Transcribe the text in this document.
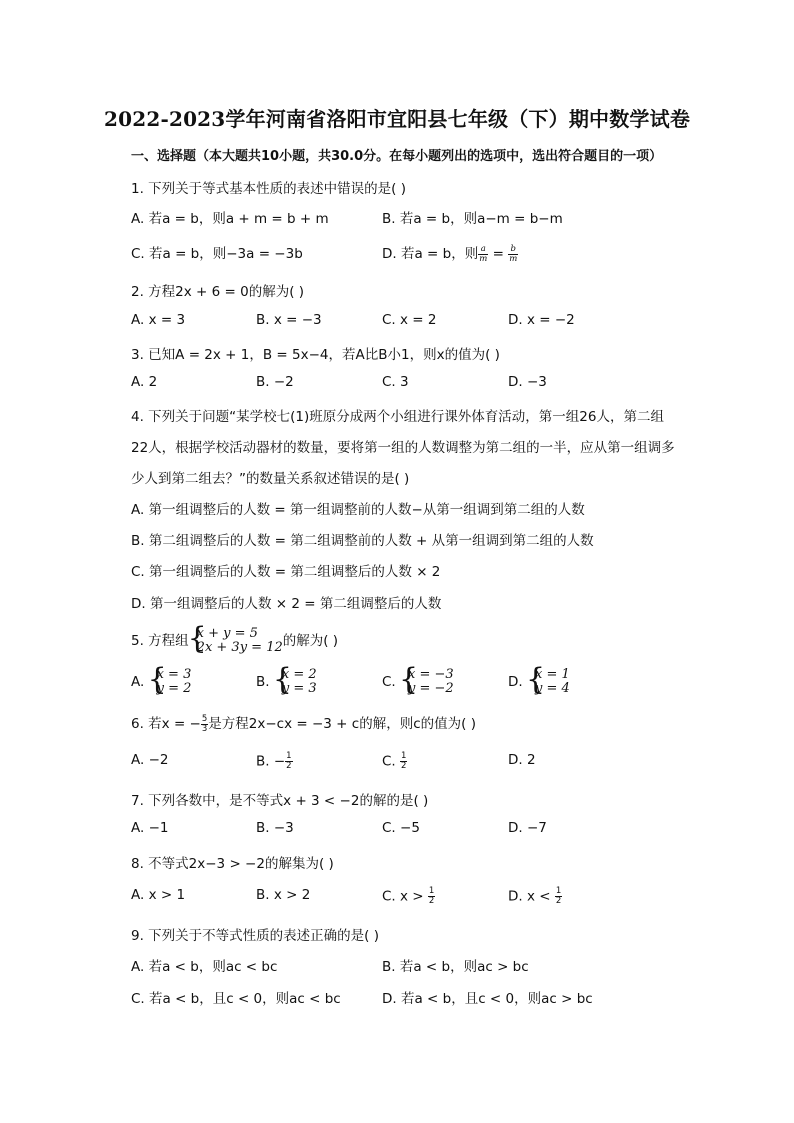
2022-2023学年河南省洛阳市宜阳县七年级（下）期中数学试卷
一、选择题（本大题共10小题，共30.0分。在每小题列出的选项中，选出符合题目的一项）
1. 下列关于等式基本性质的表述中错误的是( )
A. 若a = b，则a + m = b + m	B. 若a = b，则a−m = b−m
C. 若a = b，则−3a = −3b	D. 若a = b，则 $\frac{a}{m} = \frac{b}{m}$
2. 方程2x + 6 = 0的解为( )
A. x = 3	B. x = −3	C. x = 2	D. x = −2
3. 已知A = 2x + 1，B = 5x−4，若A比B小1，则x的值为( )
A. 2	B. −2	C. 3	D. −3
4. 下列关于问题“某学校七(1)班原分成两个小组进行课外体育活动，第一组26人，第二组
22人，根据学校活动器材的数量，要将第一组的人数调整为第二组的一半，应从第一组调多
少人到第二组去？”的数量关系叙述错误的是( )
A. 第一组调整后的人数 = 第一组调整前的人数−从第一组调到第二组的人数
B. 第二组调整后的人数 = 第二组调整前的人数 + 从第一组调到第二组的人数
C. 第一组调整后的人数 = 第二组调整后的人数 × 2
D. 第一组调整后的人数 × 2 = 第二组调整后的人数
5. 方程组 {
x + y = 5
2x + 3y = 12 的解为( )
A. {
x = 3
y = 2	B. {
x = 2
y = 3	C. {
x = −3
y = −2	D. {
x = 1
y = 4
6. 若x = − $\frac{5}{3}$ 是方程2x−cx = −3 + c的解，则c的值为( )
A. −2	B. − $\frac{1}{2}$	C. $\frac{1}{2}$	D. 2
7. 下列各数中，是不等式x + 3 < −2的解的是( )
A. −1	B. −3	C. −5	D. −7
8. 不等式2x−3 > −2的解集为( )
A. x > 1	B. x > 2	C. $x > \frac{1}{2}$	D. $x < \frac{1}{2}$
9. 下列关于不等式性质的表述正确的是( )
A. 若a < b，则ac < bc	B. 若a < b，则ac > bc
C. 若a < b，且c < 0，则ac < bc	D. 若a < b，且c < 0，则ac > bc
